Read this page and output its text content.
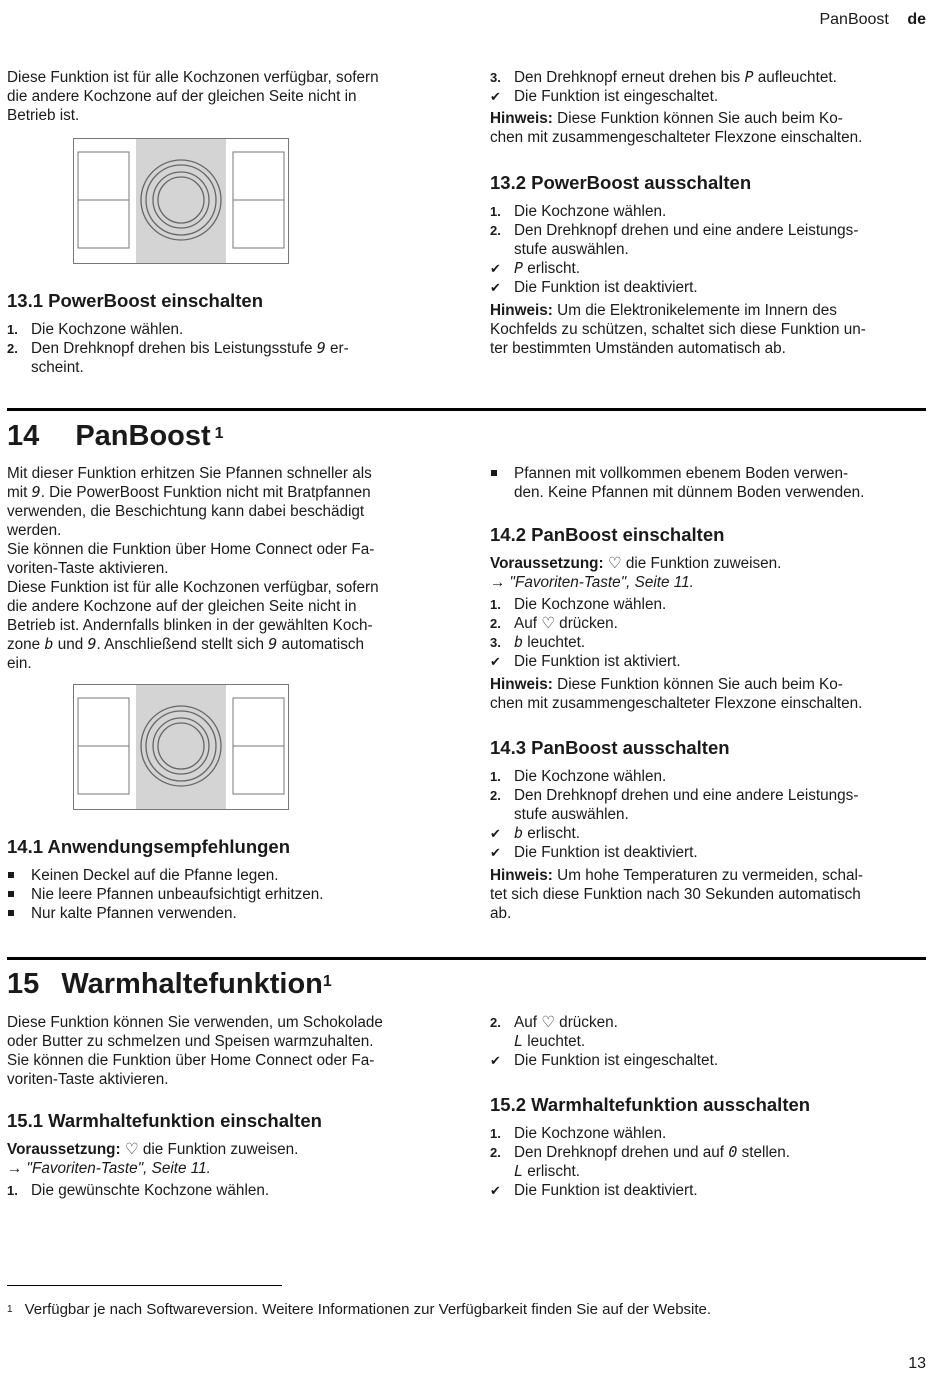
PanBoost de

Diese Funktion ist für alle Kochzonen verfügbar, sofern

die andere Kochzone auf der gleichen Seite nicht in

Betrieb ist.

13.1 PowerBoost einschalten
1. Die Kochzone wählen.
2. Den Drehknopf drehen bis Leistungsstufe 9 er-
scheint.
3. Den Drehknopf erneut drehen bis P aufleuchtet.
✔ Die Funktion ist eingeschaltet.

Hinweis: Diese Funktion können Sie auch beim Ko-

chen mit zusammengeschalteter Flexzone einschalten.

13.2 PowerBoost ausschalten
1. Die Kochzone wählen.
2. Den Drehknopf drehen und eine andere Leistungs-
stufe auswählen.
✔ P erlischt.
✔ Die Funktion ist deaktiviert.

Hinweis: Um die Elektronikelemente im Innern des

Kochfelds zu schützen, schaltet sich diese Funktion un-

ter bestimmten Umständen automatisch ab.

14 PanBoost $^1$

Mit dieser Funktion erhitzen Sie Pfannen schneller als

mit 9. Die PowerBoost Funktion nicht mit Bratpfannen

verwenden, die Beschichtung kann dabei beschädigt

werden.

Sie können die Funktion über Home Connect oder Fa-

voriten-Taste aktivieren.

Diese Funktion ist für alle Kochzonen verfügbar, sofern

die andere Kochzone auf der gleichen Seite nicht in

Betrieb ist. Andernfalls blinken in der gewählten Koch-

zone b und 9. Anschließend stellt sich 9 automatisch

ein.

14.1 Anwendungsempfehlungen
Keinen Deckel auf die Pfanne legen.
Nie leere Pfannen unbeaufsichtigt erhitzen.
Nur kalte Pfannen verwenden.
Pfannen mit vollkommen ebenem Boden verwen-
den. Keine Pfannen mit dünnem Boden verwenden.
14.2 PanBoost einschalten

Voraussetzung: ♡ die Funktion zuweisen.

→ "Favoriten-Taste", Seite 11.

1. Die Kochzone wählen.
2. Auf ♡ drücken.
3. b leuchtet.
✔ Die Funktion ist aktiviert.

Hinweis: Diese Funktion können Sie auch beim Ko-

chen mit zusammengeschalteter Flexzone einschalten.

14.3 PanBoost ausschalten
1. Die Kochzone wählen.
2. Den Drehknopf drehen und eine andere Leistungs-
stufe auswählen.
✔ b erlischt.
✔ Die Funktion ist deaktiviert.

Hinweis: Um hohe Temperaturen zu vermeiden, schal-

tet sich diese Funktion nach 30 Sekunden automatisch

ab.

15 Warmhaltefunktion$^1$

Diese Funktion können Sie verwenden, um Schokolade

oder Butter zu schmelzen und Speisen warmzuhalten.

Sie können die Funktion über Home Connect oder Fa-

voriten-Taste aktivieren.

15.1 Warmhaltefunktion einschalten

Voraussetzung: ♡ die Funktion zuweisen.

→ "Favoriten-Taste", Seite 11.

1. Die gewünschte Kochzone wählen.
2. Auf ♡ drücken.
L leuchtet.
✔ Die Funktion ist eingeschaltet.
15.2 Warmhaltefunktion ausschalten
1. Die Kochzone wählen.
2. Den Drehknopf drehen und auf 0 stellen.
L erlischt.
✔ Die Funktion ist deaktiviert.
$^1$ Verfügbar je nach Softwareversion. Weitere Informationen zur Verfügbarkeit finden Sie auf der Website.
13
